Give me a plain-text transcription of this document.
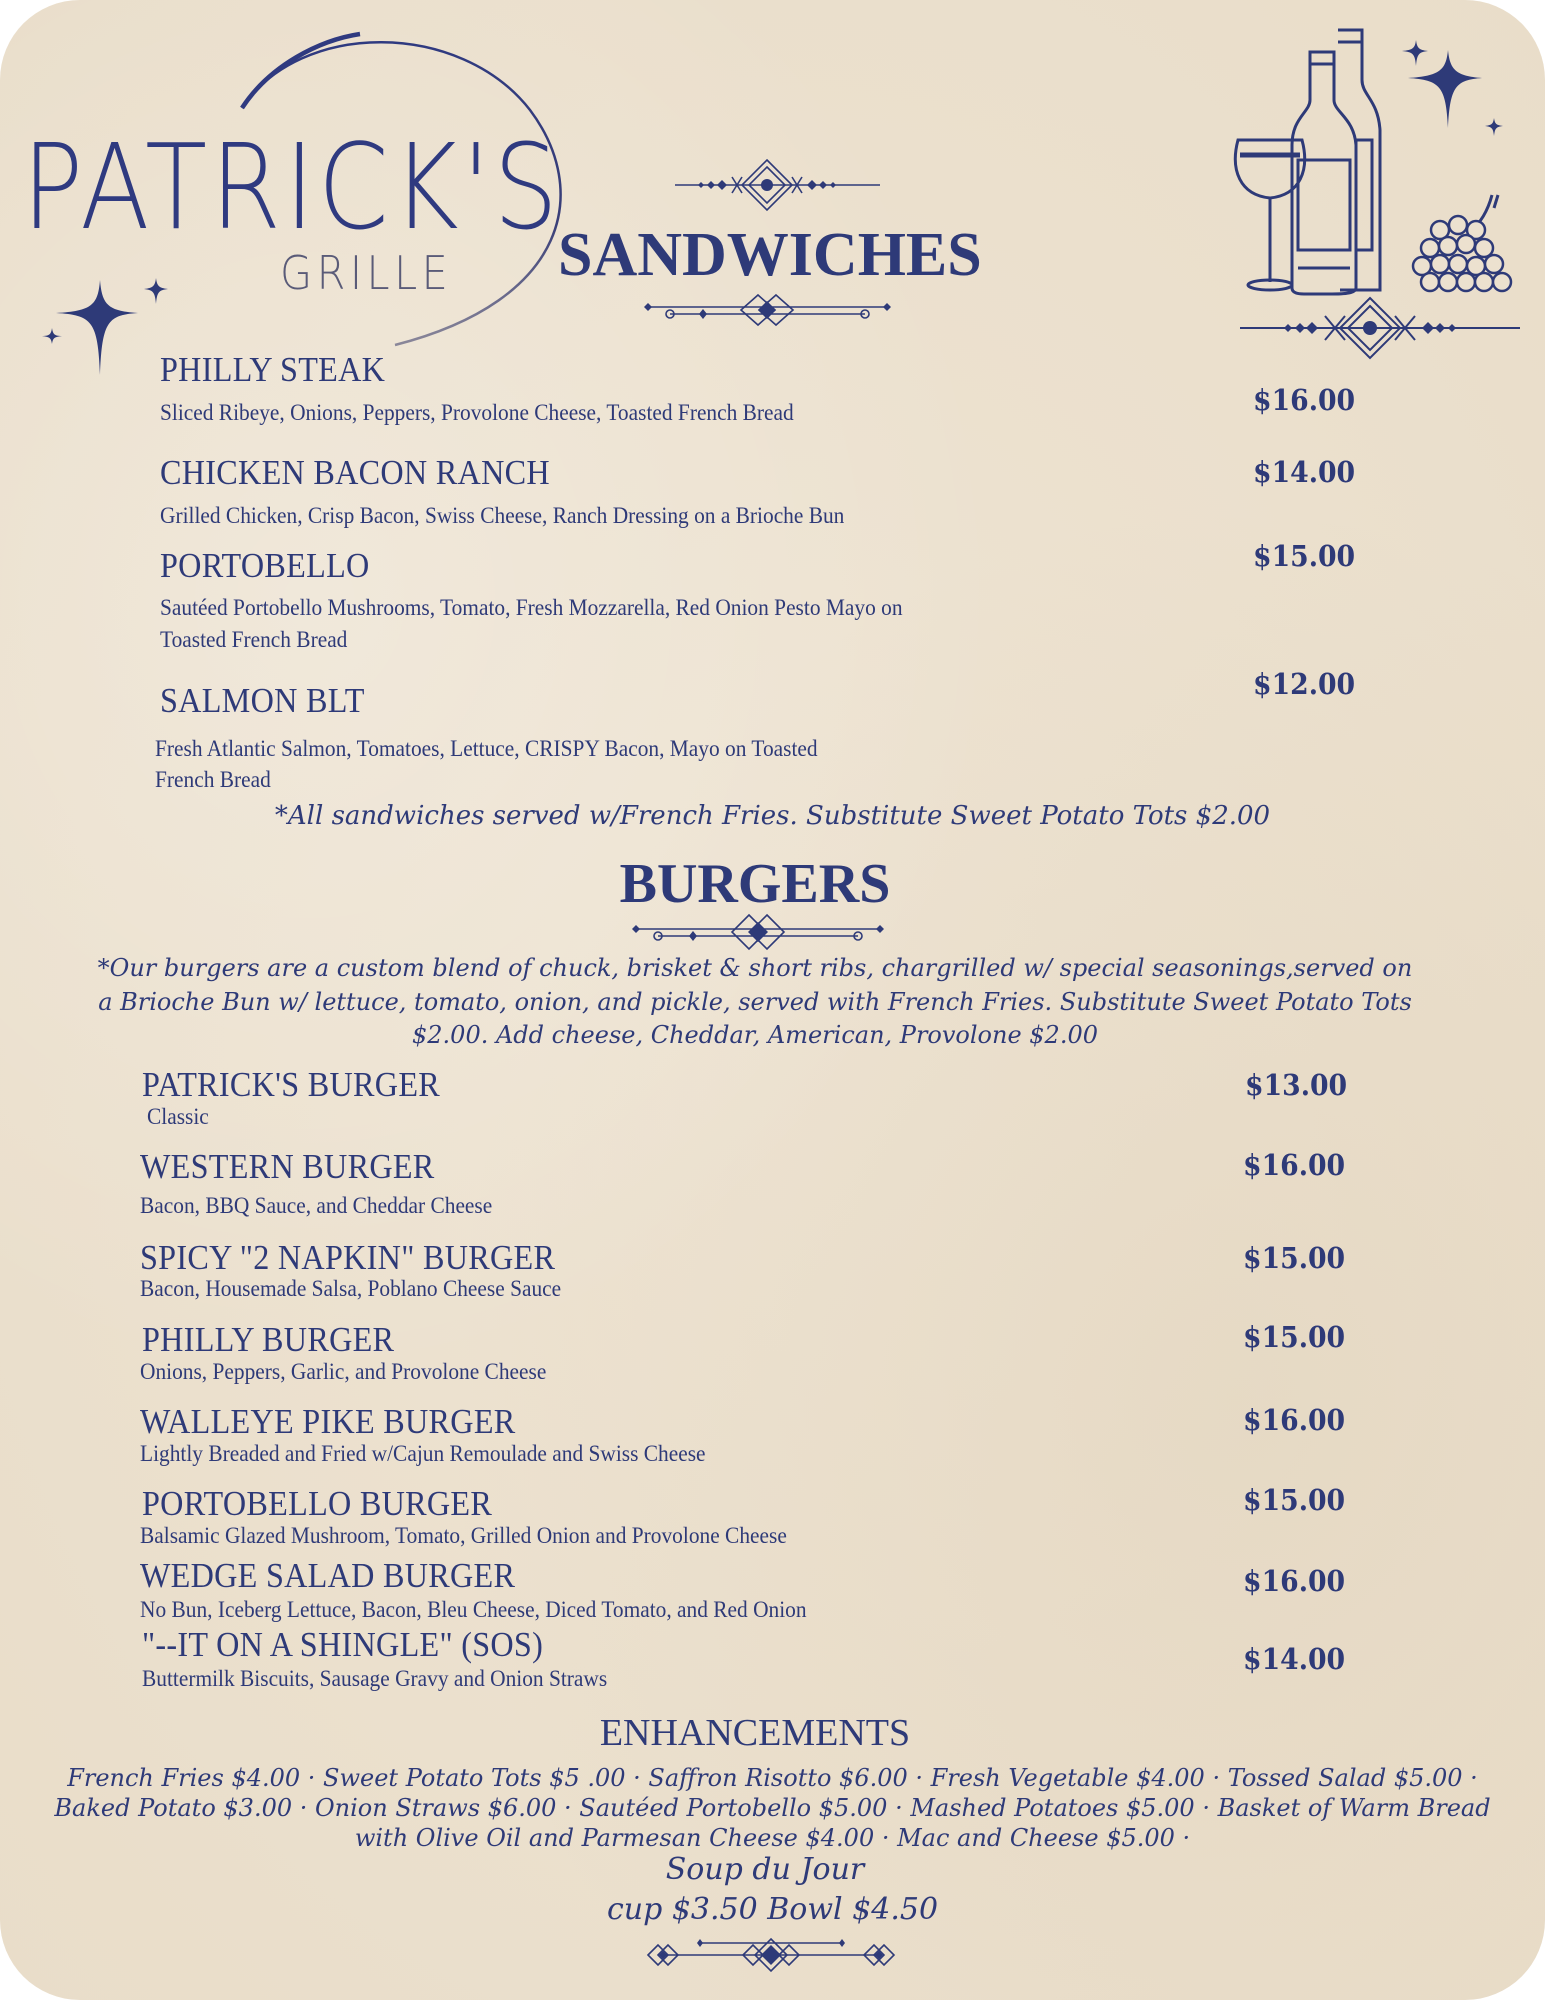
PATRICK'S
GRILLE SANDWICHES
PHILLY STEAK
Sliced Ribeye, Onions, Peppers, Provolone Cheese, Toasted French Bread	$16.00
CHICKEN BACON RANCH
Grilled Chicken, Crisp Bacon, Swiss Cheese, Ranch Dressing on a Brioche Bun
$14.00
PORTOBELLO
Sautéed Portobello Mushrooms, Tomato, Fresh Mozzarella, Red Onion Pesto Mayo on
Toasted French Bread
$15.00
SALMON BLT
Fresh Atlantic Salmon, Tomatoes, Lettuce, CRISPY Bacon, Mayo on Toasted
French Bread
$12.00
*All sandwiches served w/French Fries. Substitute Sweet Potato Tots $2.00
BURGERS
*Our burgers are a custom blend of chuck, brisket & short ribs, chargrilled w/ special seasonings,served on
a Brioche Bun w/ lettuce, tomato, onion, and pickle, served with French Fries. Substitute Sweet Potato Tots
$2.00. Add cheese, Cheddar, American, Provolone $2.00
PATRICK'S BURGER
Classic
$13.00
WESTERN BURGER
Bacon, BBQ Sauce, and Cheddar Cheese
$16.00
SPICY "2 NAPKIN" BURGER
Bacon, Housemade Salsa, Poblano Cheese Sauce
$15.00
PHILLY BURGER
Onions, Peppers, Garlic, and Provolone Cheese
$15.00
WALLEYE PIKE BURGER
Lightly Breaded and Fried w/Cajun Remoulade and Swiss Cheese
$16.00
PORTOBELLO BURGER
Balsamic Glazed Mushroom, Tomato, Grilled Onion and Provolone Cheese
$15.00
WEDGE SALAD BURGER
No Bun, Iceberg Lettuce, Bacon, Bleu Cheese, Diced Tomato, and Red Onion
$16.00
"--IT ON A SHINGLE" (SOS)
Buttermilk Biscuits, Sausage Gravy and Onion Straws
$14.00
ENHANCEMENTS
French Fries $4.00 · Sweet Potato Tots $5 .00 · Saffron Risotto $6.00 · Fresh Vegetable $4.00 · Tossed Salad $5.00 ·
Baked Potato $3.00 · Onion Straws $6.00 · Sautéed Portobello $5.00 · Mashed Potatoes $5.00 · Basket of Warm Bread
with Olive Oil and Parmesan Cheese $4.00 · Mac and Cheese $5.00 ·
Soup du Jour
cup $3.50 Bowl $4.50
